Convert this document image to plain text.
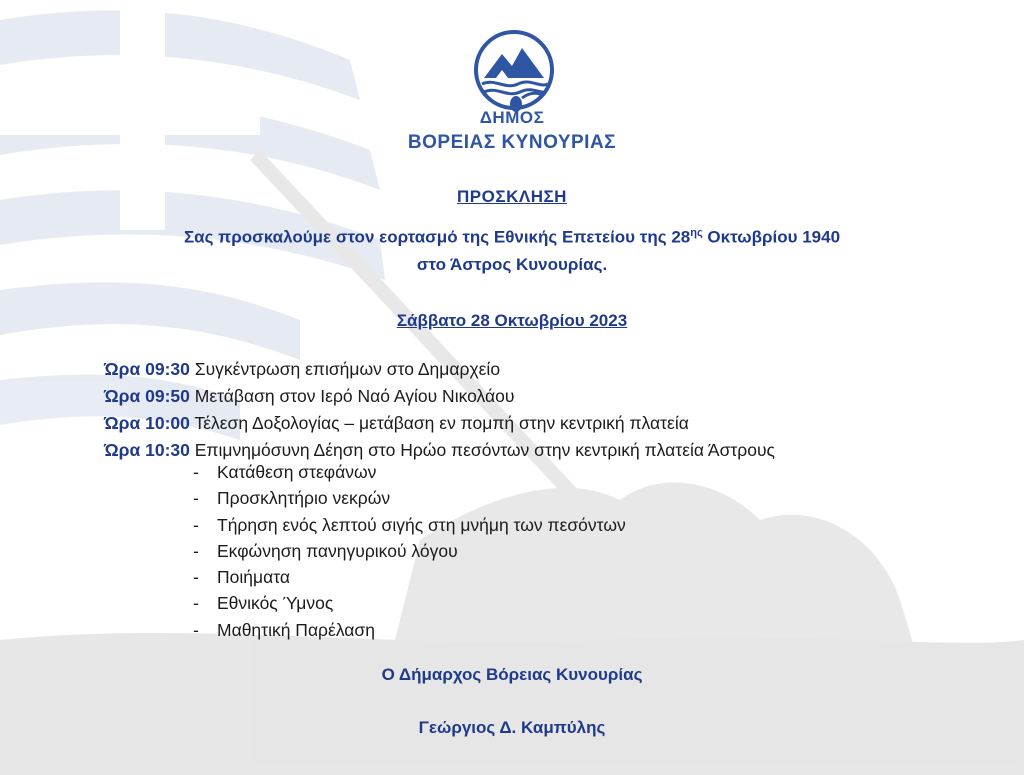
ΔΗΜΟΣ
ΒΟΡΕΙΑΣ ΚΥΝΟΥΡΙΑΣ
ΠΡΟΣΚΛΗΣΗ
Σας προσκαλούμε στον εορτασμό της Εθνικής Επετείου της $28^{\eta\varsigma}$ Οκτωβρίου 1940
στο Άστρος Κυνουρίας.
Σάββατο 28 Οκτωβρίου 2023
Ώρα 09:30 Συγκέντρωση επισήμων στο Δημαρχείο
Ώρα 09:50 Μετάβαση στον Ιερό Ναό Αγίου Νικολάου
Ώρα 10:00 Τέλεση Δοξολογίας – μετάβαση εν πομπή στην κεντρική πλατεία
Ώρα 10:30 Επιμνημόσυνη Δέηση στο Ηρώο πεσόντων στην κεντρική πλατεία Άστρους
-	Κατάθεση στεφάνων
-	Προσκλητήριο νεκρών
-	Τήρηση ενός λεπτού σιγής στη μνήμη των πεσόντων
-	Εκφώνηση πανηγυρικού λόγου
-	Ποιήματα
-	Εθνικός Ύμνος
-	Μαθητική Παρέλαση
Ο Δήμαρχος Βόρειας Κυνουρίας
Γεώργιος Δ. Καμπύλης
